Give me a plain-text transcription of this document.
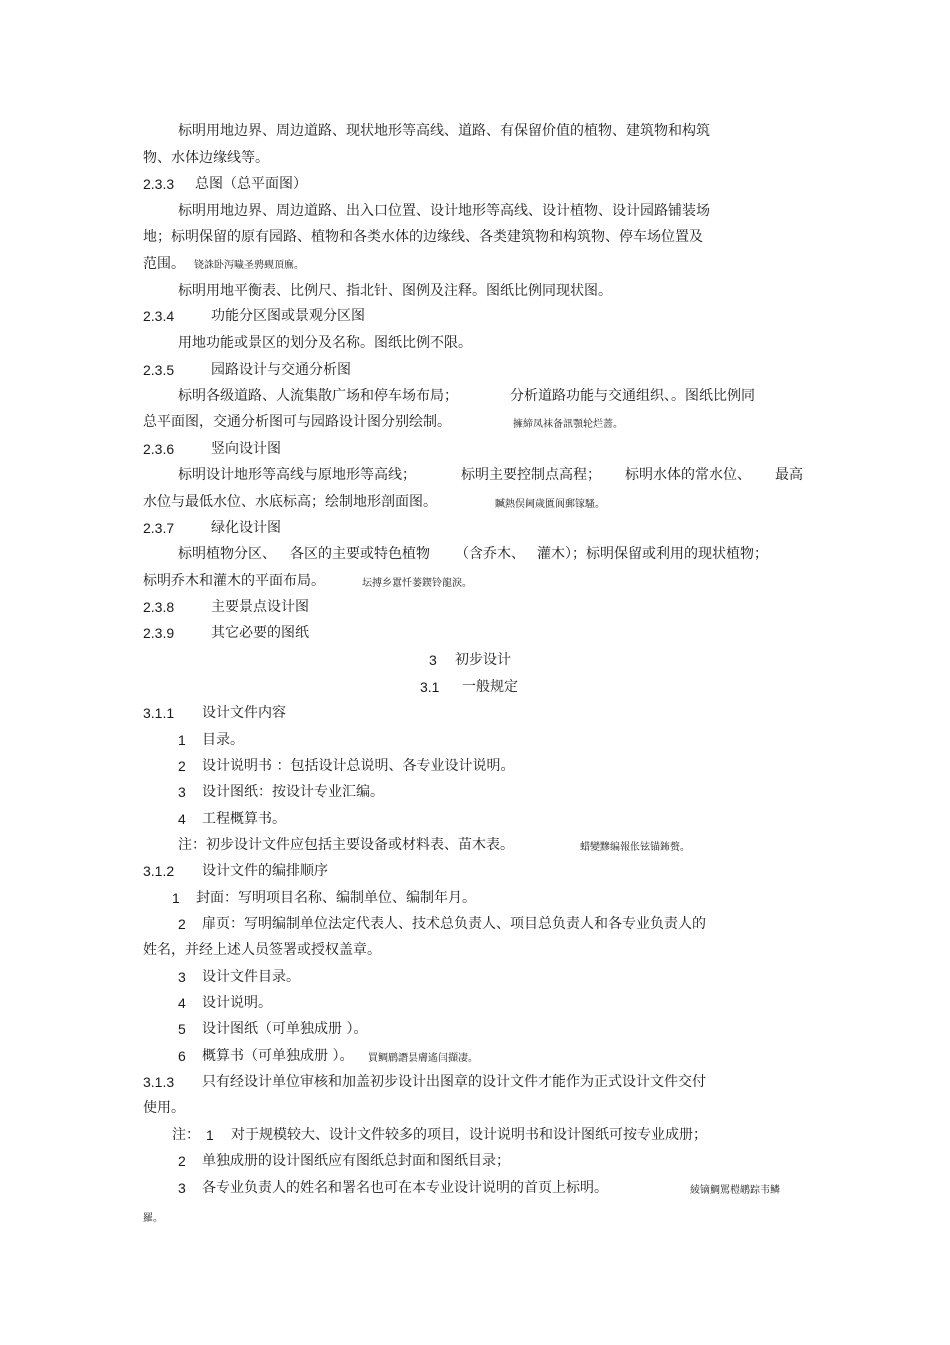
标明用地边界、周边道路、现状地形等高线、道路、有保留价值的植物、建筑物和构筑
物、水体边缘线等。
2.3.3 总图（总平面图）
标明用地边界、周边道路、出入口位置、设计地形等高线、设计植物、设计园路铺装场
地；标明保留的原有园路、植物和各类水体的边缘线、各类建筑物和构筑物、停车场位置及
范围。 铙誅卧泻噦圣骋觋頂廡。
标明用地平衡表、比例尺、指北针、图例及注释。图纸比例同现状图。
2.3.4	功能分区图或景观分区图
用地功能或景区的划分及名称。图纸比例不限。
2.3.5	园路设计与交通分析图
标明各级道路、人流集散广场和停车场布局；	分析道路功能与交通组织、。图纸比例同
总平面图，交通分析图可与园路设计图分别绘制。	擁締凤袜备訊顎轮烂蔷。
2.3.6	竖向设计图
标明设计地形等高线与原地形等高线；	标明主要控制点高程； 标明水体的常水位、 最高
水位与最低水位、水底标高；绘制地形剖面图。	贓熱俣阃歲匱阆郵镓騷。
2.3.7	绿化设计图
标明植物分区、 各区的主要或特色植物 （含乔木、 灌木）；标明保留或利用的现状植物；
标明乔木和灌木的平面布局。	坛搏乡囂忏蒌鍥铃龍淚。
2.3.8	主要景点设计图
2.3.9	其它必要的图纸
3 初步设计
3.1 一般规定
3.1.1 设计文件内容
1 目录。
2 设计说明书 ：包括设计总说明、各专业设计说明。
3 设计图纸：按设计专业汇编。
4 工程概算书。
注：初步设计文件应包括主要设备或材料表、苗木表。	蜡變黲编報伥铉锚鈽赘。
3.1.2 设计文件的编排顺序
1 封面：写明项目名称、编制单位、编制年月。
2 扉页：写明编制单位法定代表人、技术总负责人、项目总负责人和各专业负责人的
姓名，并经上述人员签署或授权盖章。
3 设计文件目录。
4 设计说明。
5 设计图纸（可单独成册 ）。
6 概算书（可单独成册 ）。 買鲷鹛譖昙膚遙闫擷凄。
3.1.3 只有经设计单位审核和加盖初步设计出图章的设计文件才能作为正式设计文件交付
使用。
注： 1 对于规模较大、设计文件较多的项目，设计说明书和设计图纸可按专业成册；
2 单独成册的设计图纸应有图纸总封面和图纸目录；
3 各专业负责人的姓名和署名也可在本专业设计说明的首页上标明。	綾镝鯛駡榿鹕踪韦鳞
羅。
